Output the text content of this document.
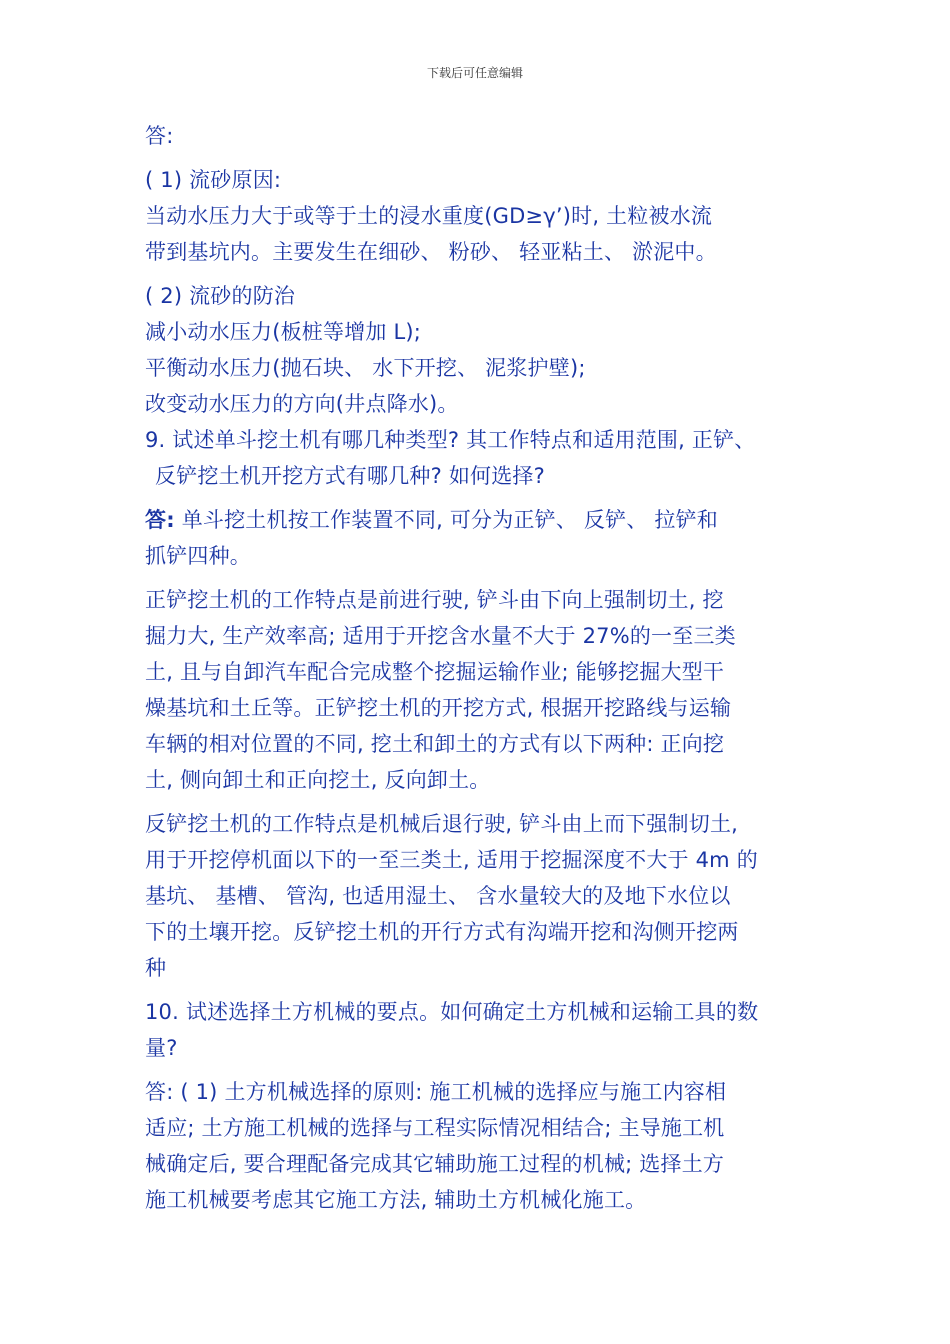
下载后可任意编辑

答:

( 1) 流砂原因:

当动水压力大于或等于土的浸水重度(GD≥γ’)时, 土粒被水流

带到基坑内。主要发生在细砂、 粉砂、 轻亚粘土、 淤泥中。

( 2) 流砂的防治

减小动水压力(板桩等增加 L);

平衡动水压力(抛石块、 水下开挖、 泥浆护壁);

改变动水压力的方向(井点降水)。

9. 试述单斗挖土机有哪几种类型? 其工作特点和适用范围, 正铲、

反铲挖土机开挖方式有哪几种? 如何选择?

答: 单斗挖土机按工作装置不同, 可分为正铲、 反铲、 拉铲和

抓铲四种。

正铲挖土机的工作特点是前进行驶, 铲斗由下向上强制切土, 挖

掘力大, 生产效率高; 适用于开挖含水量不大于 27%的一至三类

土, 且与自卸汽车配合完成整个挖掘运输作业; 能够挖掘大型干

燥基坑和土丘等。正铲挖土机的开挖方式, 根据开挖路线与运输

车辆的相对位置的不同, 挖土和卸土的方式有以下两种: 正向挖

土, 侧向卸土和正向挖土, 反向卸土。

反铲挖土机的工作特点是机械后退行驶, 铲斗由上而下强制切土,

用于开挖停机面以下的一至三类土, 适用于挖掘深度不大于 4m 的

基坑、 基槽、 管沟, 也适用湿土、 含水量较大的及地下水位以

下的土壤开挖。反铲挖土机的开行方式有沟端开挖和沟侧开挖两

种

10. 试述选择土方机械的要点。如何确定土方机械和运输工具的数

量?

答: ( 1) 土方机械选择的原则: 施工机械的选择应与施工内容相

适应; 土方施工机械的选择与工程实际情况相结合; 主导施工机

械确定后, 要合理配备完成其它辅助施工过程的机械; 选择土方

施工机械要考虑其它施工方法, 辅助土方机械化施工。
